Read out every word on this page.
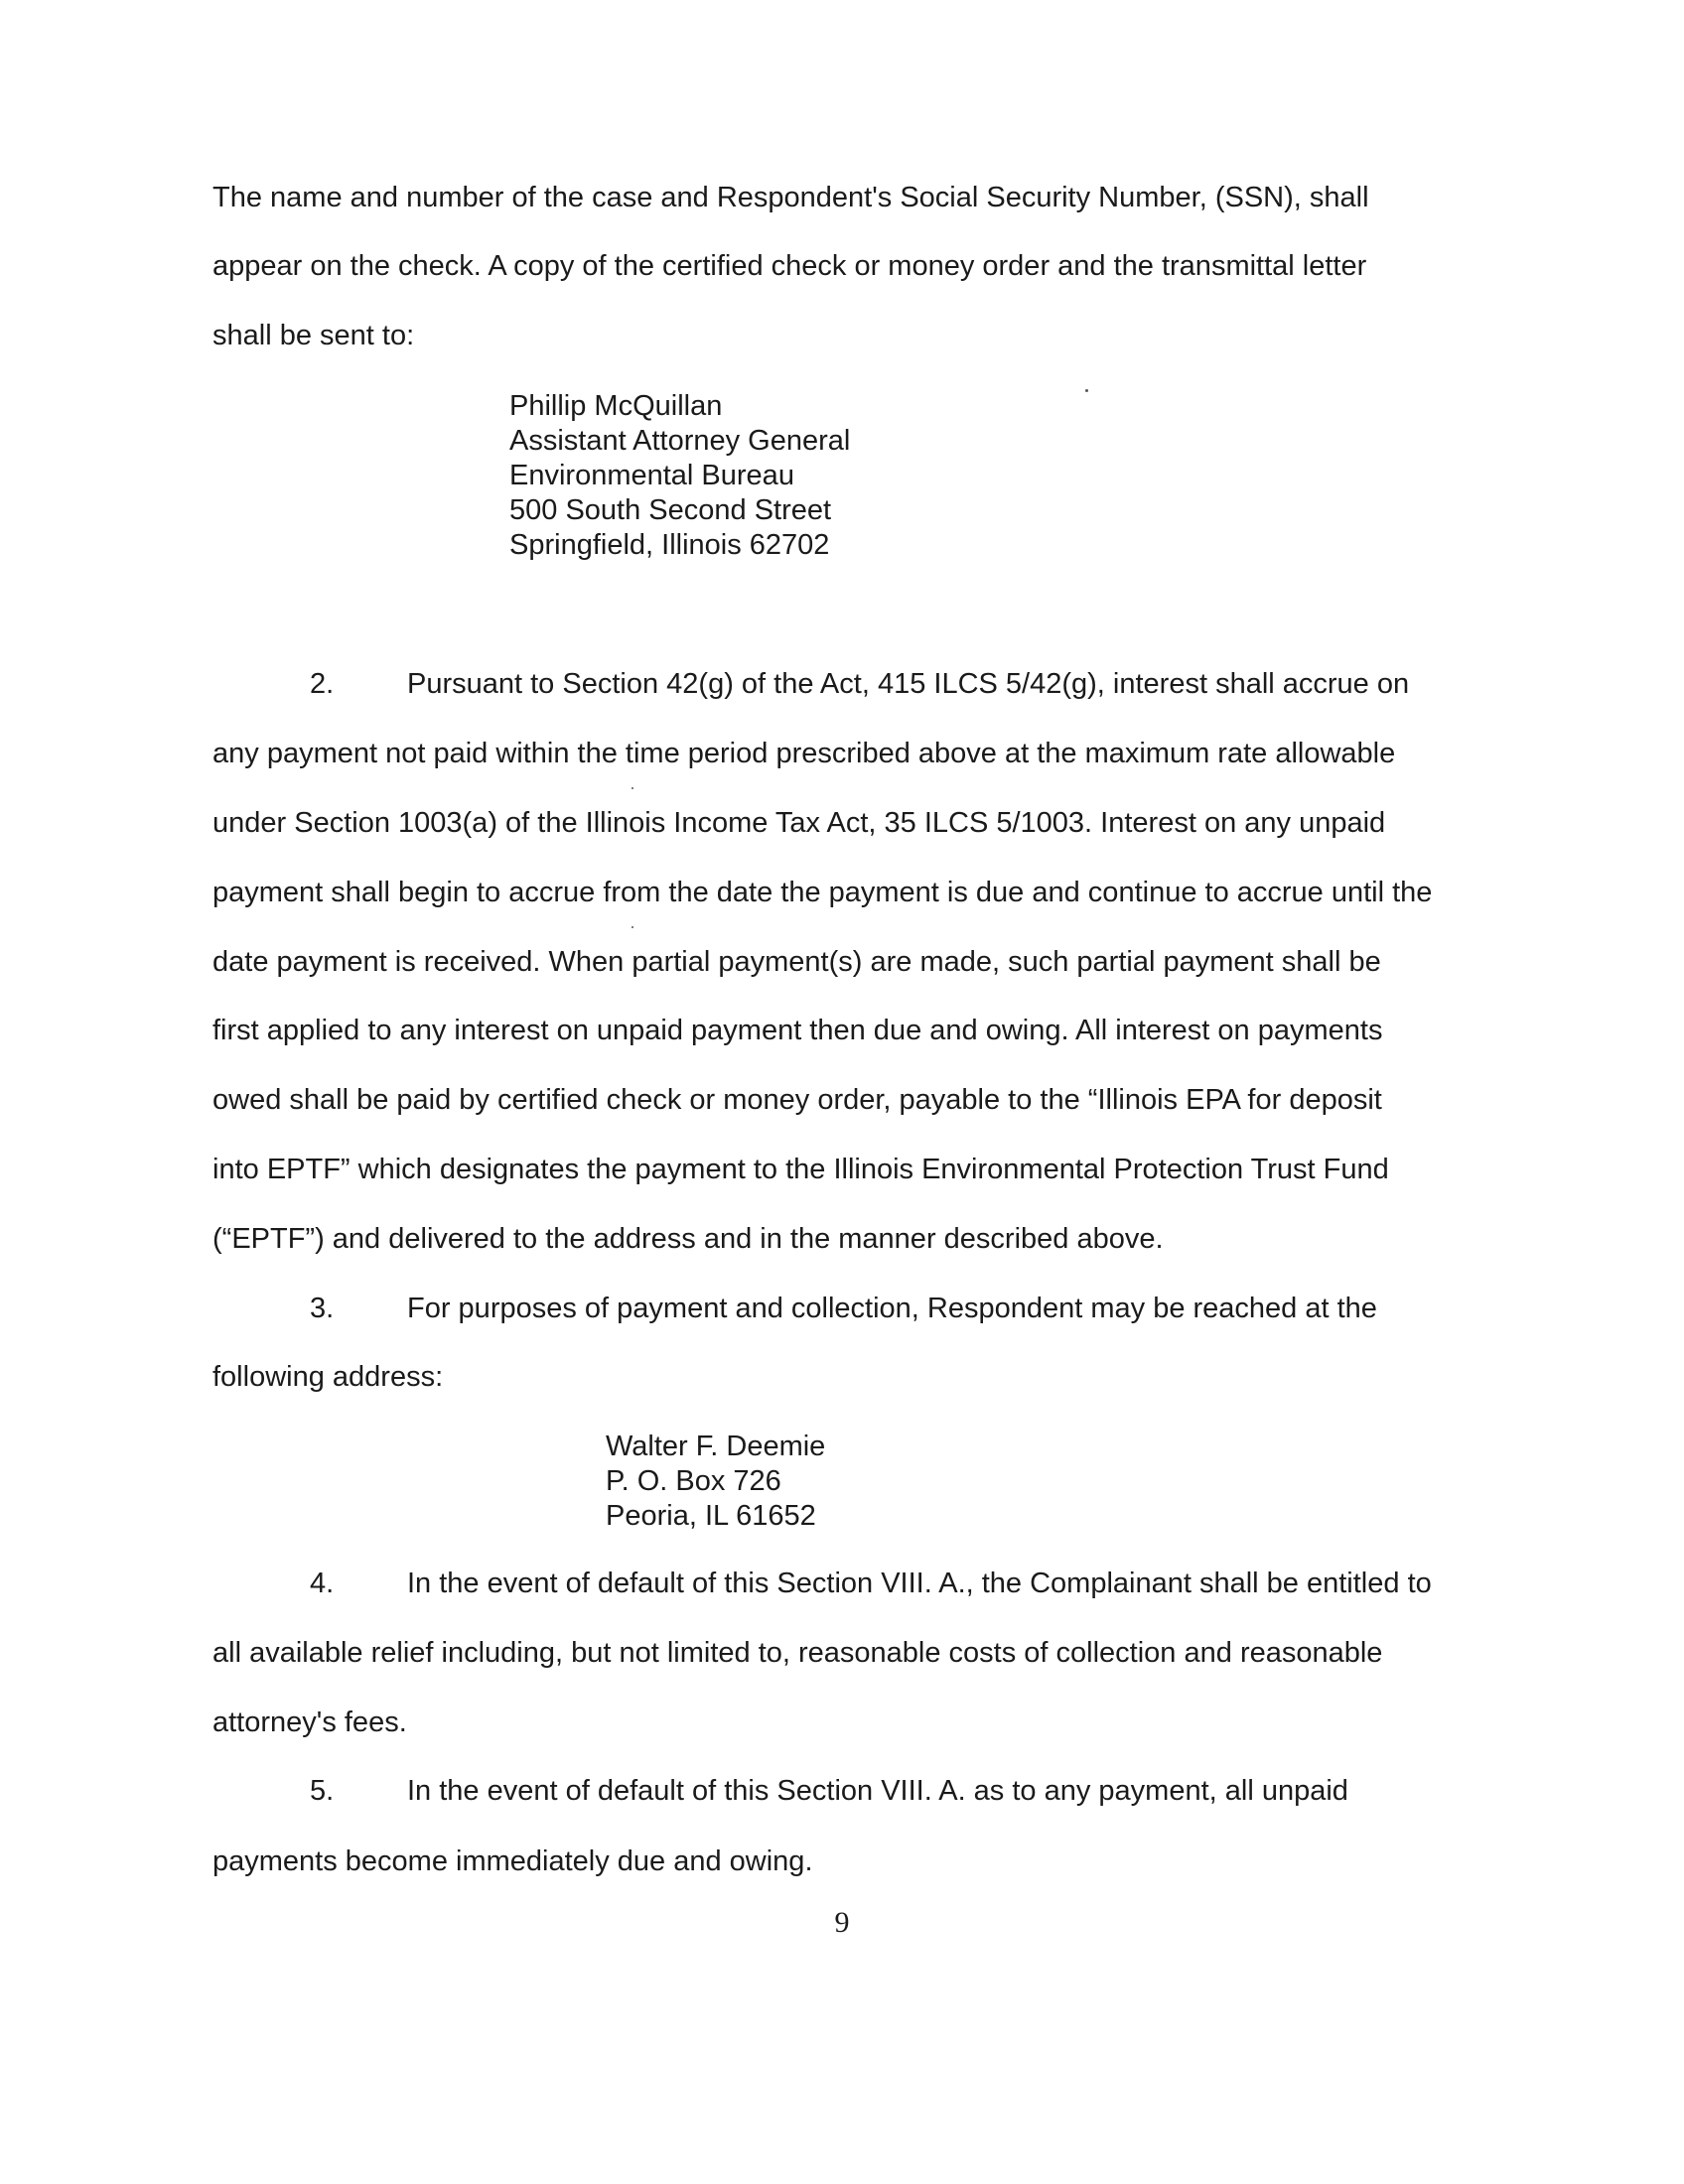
The name and number of the case and Respondent's Social Security Number, (SSN), shall
appear on the check. A copy of the certified check or money order and the transmittal letter
shall be sent to:
Phillip McQuillan
Assistant Attorney General
Environmental Bureau
500 South Second Street
Springfield, Illinois 62702
2.	Pursuant to Section 42(g) of the Act, 415 ILCS 5/42(g), interest shall accrue on
any payment not paid within the time period prescribed above at the maximum rate allowable
under Section 1003(a) of the Illinois Income Tax Act, 35 ILCS 5/1003. Interest on any unpaid
payment shall begin to accrue from the date the payment is due and continue to accrue until the
date payment is received. When partial payment(s) are made, such partial payment shall be
first applied to any interest on unpaid payment then due and owing. All interest on payments
owed shall be paid by certified check or money order, payable to the “Illinois EPA for deposit
into EPTF” which designates the payment to the Illinois Environmental Protection Trust Fund
(“EPTF”) and delivered to the address and in the manner described above.
3.	For purposes of payment and collection, Respondent may be reached at the
following address:
Walter F. Deemie
P. O. Box 726
Peoria, IL 61652
4.	In the event of default of this Section VIII. A., the Complainant shall be entitled to
all available relief including, but not limited to, reasonable costs of collection and reasonable
attorney's fees.
5.	In the event of default of this Section VIII. A. as to any payment, all unpaid
payments become immediately due and owing.
9
